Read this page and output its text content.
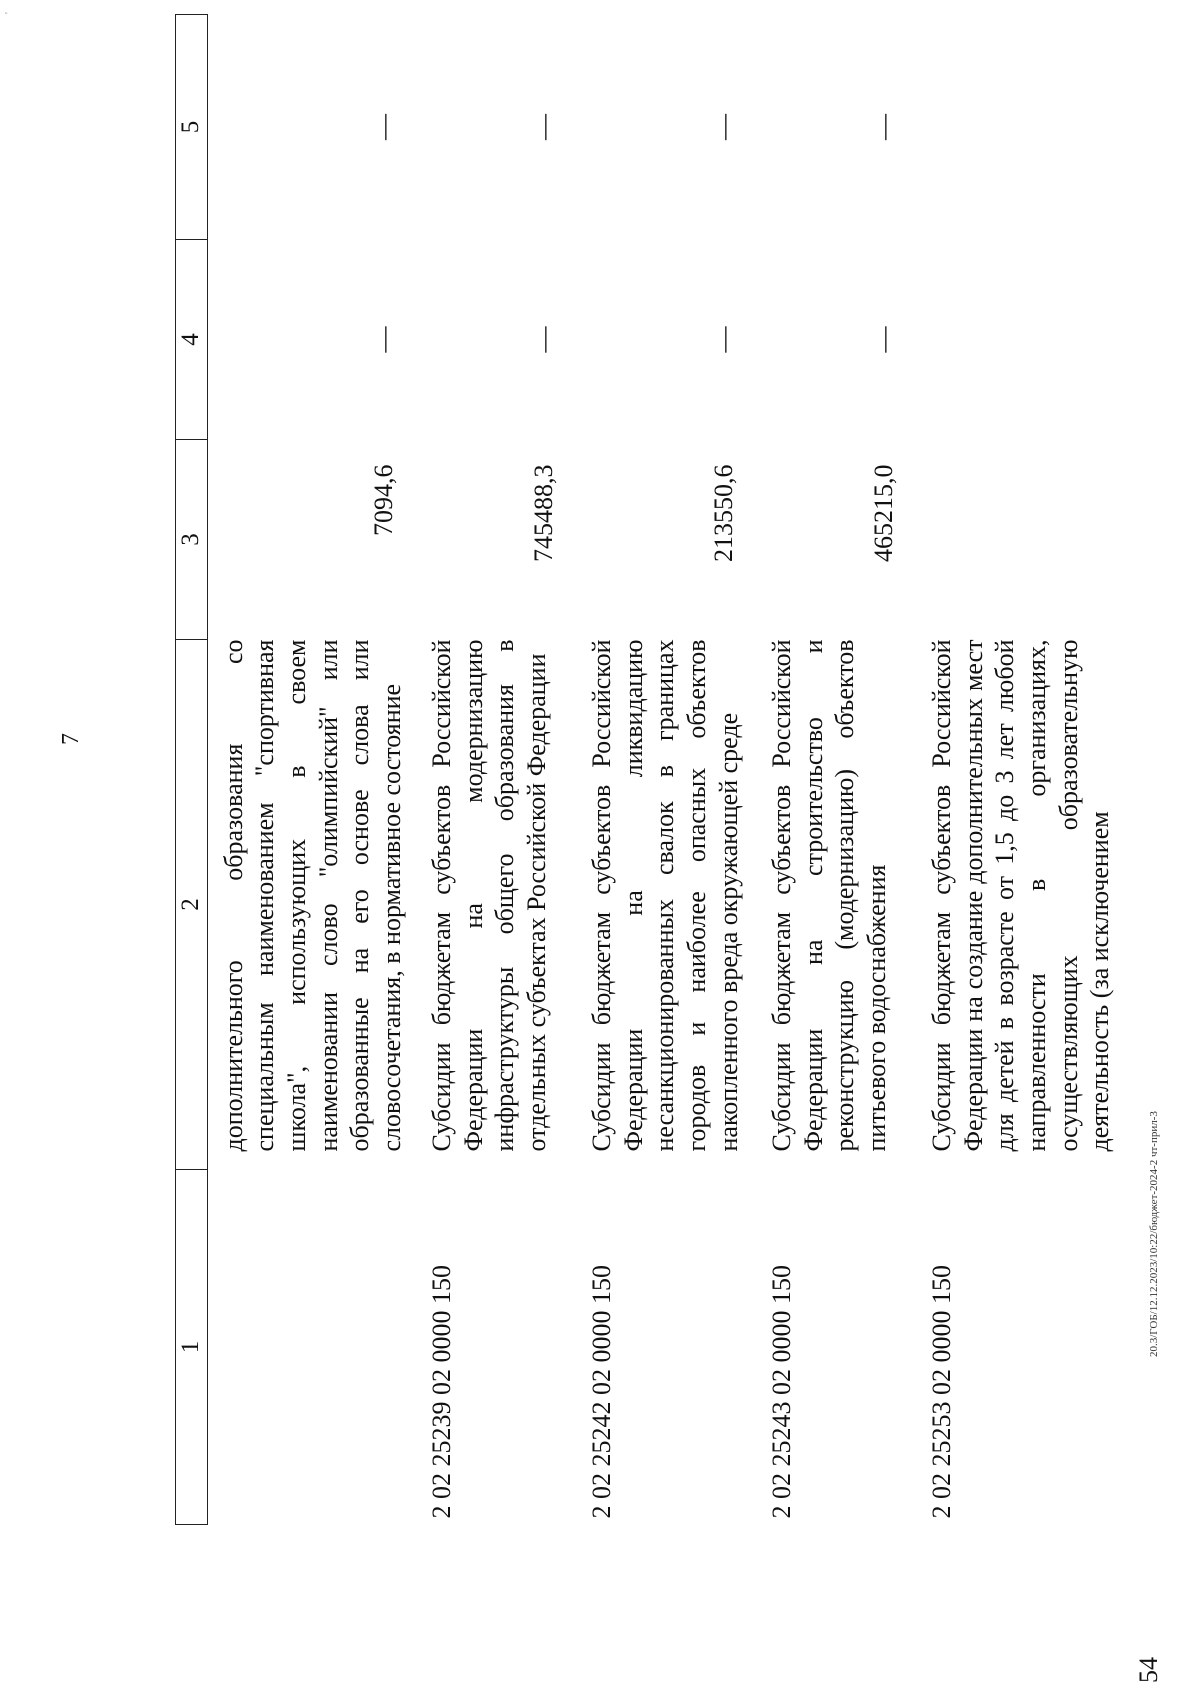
'
7
1	2	3	4	5
	дополнительного образования со специальным наименованием "спортивная школа", использующих в своем наименовании слово "олимпийский" или образованные на его основе слова или словосочетания, в нормативное состояние	7094,6	—	—
2 02 25239 02 0000 150	Субсидии бюджетам субъектов Российской Федерации на модернизацию инфраструктуры общего образования в отдельных субъектах Российской Федерации	745488,3	—	—
2 02 25242 02 0000 150	Субсидии бюджетам субъектов Российской Федерации на ликвидацию несанкционированных свалок в границах городов и наиболее опасных объектов накопленного вреда окружающей среде	213550,6	—	—
2 02 25243 02 0000 150	Субсидии бюджетам субъектов Российской Федерации на строительство и реконструкцию (модернизацию) объектов питьевого водоснабжения	465215,0	—	—
2 02 25253 02 0000 150	Субсидии бюджетам субъектов Российской Федерации на создание дополнительных мест для детей в возрасте от 1,5 до 3 лет любой направленности в организациях, осуществляющих образовательную деятельность (за исключением			
20.3/ГОБ/12.12.2023/10:22/бюджет-2024-2 чт-прил-3
54
